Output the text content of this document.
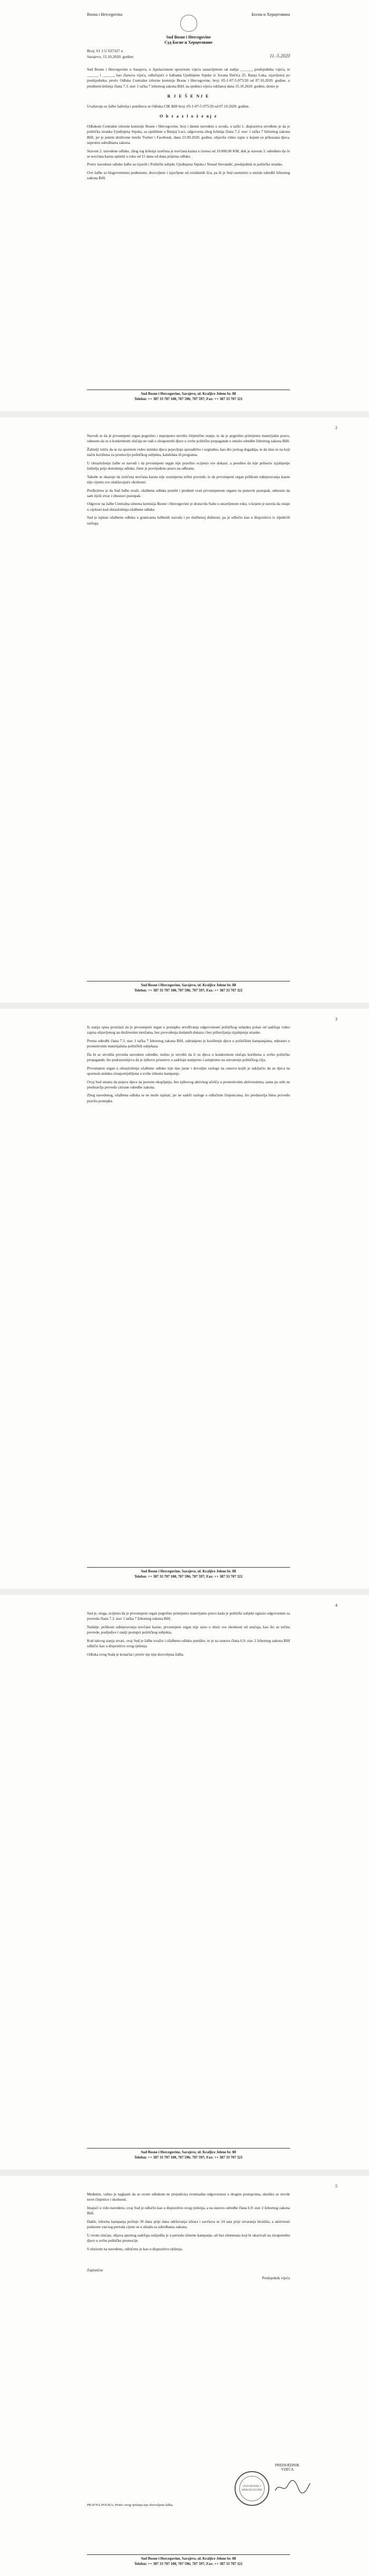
Bosna i Hercegovina	Босна и Херцеговина
Sud Bosne i Hercegovine
Суд Босне и Херцеговине
11.-5.2020
Broj: S1 3 U 037327 u
Sarajevo, 15.10.2020. godine

Sud Bosne i Hercegovine u Sarajevu, u Apelacionom upravnom vijeću sastavljenom od sudija ______, predsjednika vijeća, te ______ i ______, kao članova vijeća, odlučujući o žalbama Ujedinjene Srpske iz Jovana Dučića 25, Banja Luka, izjavljenoj po predsjedniku, protiv Odluke Centralne izborne komisije Bosne i Hercegovine, broj: 05-1-07-5-975/20 od 07.10.2020. godine, u predmetu kršenja člana 7.3. stav 1 tačka 7 izbornog zakona BiH, na sjednici vijeća održanoj dana 15.10.2020. godine, donio je

R J E Š E NJ E

Uvažavaju se žalbe žalitelja i poništava se Odluka CIK BiH broj: 05-1-07-5-975/20 od 07.10.2020. godine.

O b r a z l o ž e nj e

Odlukom Centralne izborne komisije Bosne i Hercegovine, broj i datum navedeni u uvodu, u tački 1. dispozitiva utvrđeno je da je politička stranka Ujedinjena Srpska, sa sjedištem u Banjoj Luci, odgovorna zbog kršenja člana 7.3. stav 1 tačka 7 Izbornog zakona BiH, jer je putem društvene mreže Twitter i Facebook, dana 23.09.2020. godine, objavila video zapis u kojem su prikazana djeca, suprotno odredbama zakona.

Stavom 2. navedene odluke, zbog tog kršenja izrečena je novčana kazna u iznosu od 10.000,00 KM, dok je stavom 3. određeno da će se novčana kazna uplatiti u roku od 15 dana od dana prijema odluke.

Protiv navedene odluke žalbe su izjavili i Politički subjekt Ujedinjena Srpska i Nenad Stevandić, predsjednik te političke stranke.

Ove žalbe su blagovremeno podnesene, dozvoljene i izjavljene od ovlaštenih lica, pa ih je Sud razmotrio u smislu odredbi Izbornog zakona BiH.

Sud Bosne i Hercegovine, Sarajevo, ul. Kraljice Jelene br. 88
Telefon: ++ 387 33 707 100, 707 596; 707 597; Fax: ++ 387 33 707 321
2

Navodi se da je prvostepeni organ pogrešno i nepotpuno utvrdio činjenično stanje, te da je pogrešno primijenio materijalno pravo, odnosno da se u konkretnom slučaju ne radi o zloupotrebi djece u svrhe političke propagande u smislu odredbe Izbornog zakona BiH.

Žalitelji ističu da se na spornom video snimku djeca pojavljuju sporadično i uzgredno, kao dio javnog događaja, te da nisu ni na koji način korištena za promociju političkog subjekta, kandidata ili programa.

U obrazloženju žalbe se navodi i da prvostepeni organ nije pravilno ocijenio sve dokaze, a posebno da nije pribavio izjašnjenje žalitelja prije donošenja odluke, čime je povrijeđeno pravo na odbranu.

Takođe se ukazuje da izrečena novčana kazna nije srazmjerna težini povrede, te da prvostepeni organ prilikom odmjeravanja kazne nije cijenio sve olakšavajuće okolnosti.

Predloženo je da Sud žalbe uvaži, ožalbenu odluku poništi i predmet vrati prvostepenom organu na ponovni postupak, odnosno da sam riješi stvar i obustavi postupak.

Odgovor na žalbe Centralna izborna komisija Bosne i Hercegovine je dostavila Sudu u ostavljenom roku, u kojem je navela da ostaje u cijelosti kod obrazloženja ožalbene odluke.

Sud je ispitao ožalbenu odluku u granicama žalbenih navoda i po službenoj dužnosti, pa je odlučio kao u dispozitivu iz sljedećih razloga.

Sud Bosne i Hercegovine, Sarajevo, ul. Kraljice Jelene br. 88
Telefon: ++ 387 33 707 100, 707 596; 707 597; Fax: ++ 387 33 707 321
3

Iz stanja spisa proizlazi da je prvostepeni organ u postupku utvrđivanja odgovornosti političkog subjekta pošao od sadržaja video zapisa objavljenog na društvenim mrežama, bez provođenja dodatnih dokaza i bez pribavljanja izjašnjenja stranke.

Prema odredbi člana 7.3. stav 1 tačka 7 Izbornog zakona BiH, zabranjeno je korištenje djece u političkim kampanjama, odnosno u promotivnim materijalima političkih subjekata.

Da bi se utvrdila povreda navedene odredbe, nužno je utvrditi da li su djeca u konkretnom slučaju korištena u svrhu političke propagande, što podrazumijeva da je njihovo prisustvo u sadržaju namjerno i usmjereno na ostvarenje političkog cilja.

Prvostepeni organ u obrazloženju ožalbene odluke nije dao jasne i dovoljne razloge na osnovu kojih je zaključio da su djeca na spornom snimku zloupotrijebljena u svrhe izborne kampanje.

Ovaj Sud smatra da pojava djece na javnom okupljanju, bez njihovog aktivnog učešća u promotivnim aktivnostima, sama po sebi ne predstavlja povredu citirane odredbe zakona.

Zbog navedenog, ožalbena odluka se ne može ispitati, jer ne sadrži razloge o odlučnim činjenicama, što predstavlja bitnu povredu pravila postupka.

Sud Bosne i Hercegovine, Sarajevo, ul. Kraljice Jelene br. 88
Telefon: ++ 387 33 707 100, 707 596; 707 597; Fax: ++ 387 33 707 321
4

Sud je, stoga, ocijenio da je prvostepeni organ pogrešno primijenio materijalno pravo kada je politički subjekt oglasio odgovornim za povredu člana 7.3. stav 1 tačka 7 Izbornog zakona BiH.

Nadalje, prilikom odmjeravanja novčane kazne, prvostepeni organ nije uzeo u obzir sve okolnosti od značaja, kao što su težina povrede, posljedice i raniji postupci političkog subjekta.

Kod takvog stanja stvari, ovaj Sud je žalbe uvažio i ožalbenu odluku poništio, te je na osnovu člana 6.9. stav 2 Izbornog zakona BiH odlučio kao u dispozitivu ovog rješenja.

Odluka ovog Suda je konačna i protiv nje nije dozvoljena žalba.

Sud Bosne i Hercegovine, Sarajevo, ul. Kraljice Jelene br. 88
Telefon: ++ 387 33 707 100, 707 596; 707 597; Fax: ++ 387 33 707 321
5

Međutim, važno je naglasiti da se ovom odlukom ne prejudicira eventualna odgovornost u drugim postupcima, ukoliko se utvrde nove činjenice i okolnosti.

Imajući u vidu navedeno, ovaj Sud je odlučio kao u dispozitivu ovog rješenja, a na osnovu odredbe člana 6.9. stav 2 Izbornog zakona BiH.

Dakle, izborna kampanja počinje 30 dana prije dana održavanja izbora i završava se 24 sata prije otvaranja birališta, a aktivnosti poduzete van tog perioda cijene se u skladu sa odredbama zakona.

U ovom slučaju, objava spornog sadržaja uslijedila je u periodu izborne kampanje, ali bez elemenata koji bi ukazivali na zloupotrebu djece u svrhu političke promocije.

S obzirom na navedeno, odlučeno je kao u dispozitivu rješenja.

Zapisničar

Predsjednik vijeća

PREDSJEDNIK VIJEĆA
SUD BOSNE I HERCEGOVINE
PRAVNA POUKA: Protiv ovog rješenja nije dozvoljena žalba.
Sud Bosne i Hercegovine, Sarajevo, ul. Kraljice Jelene br. 88
Telefon: ++ 387 33 707 100, 707 596; 707 597; Fax: ++ 387 33 707 321
